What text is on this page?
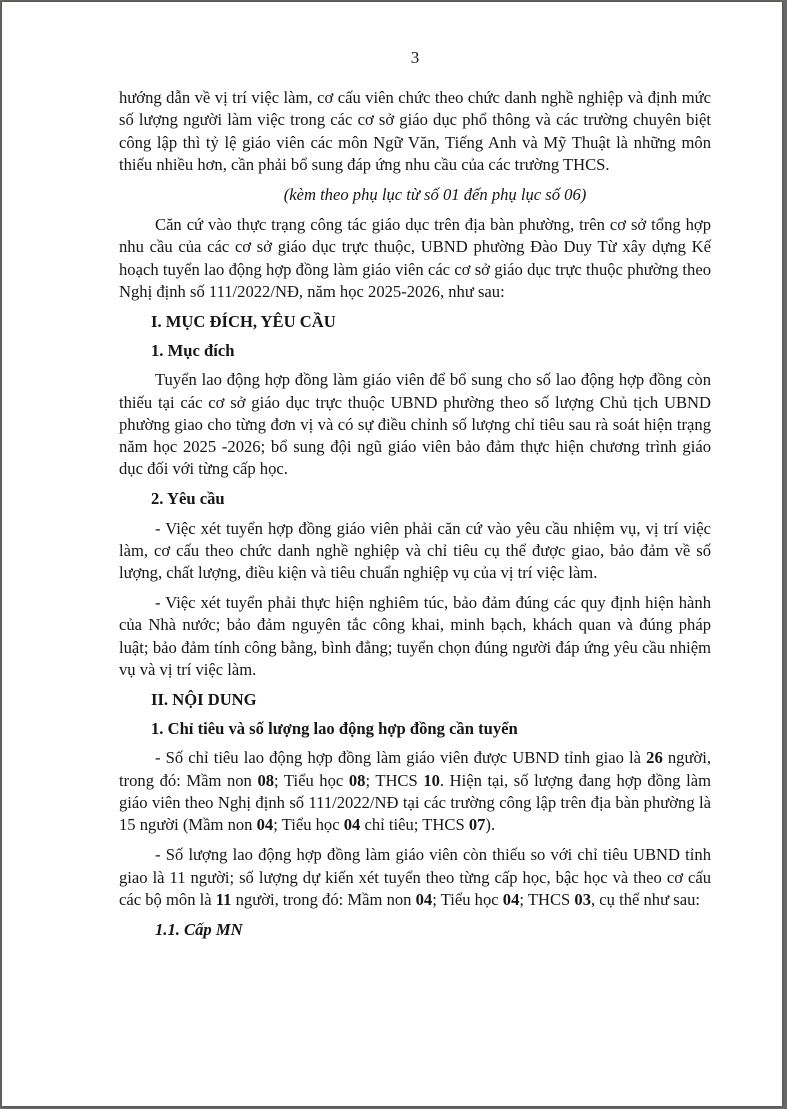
3

hướng dẫn về vị trí việc làm, cơ cấu viên chức theo chức danh nghề nghiệp và định mức số lượng người làm việc trong các cơ sở giáo dục phổ thông và các trường chuyên biệt công lập thì tỷ lệ giáo viên các môn Ngữ Văn, Tiếng Anh và Mỹ Thuật là những môn thiếu nhiều hơn, cần phải bổ sung đáp ứng nhu cầu của các trường THCS.

(kèm theo phụ lục từ số 01 đến phụ lục số 06)

Căn cứ vào thực trạng công tác giáo dục trên địa bàn phường, trên cơ sở tổng hợp nhu cầu của các cơ sở giáo dục trực thuộc, UBND phường Đào Duy Từ xây dựng Kế hoạch tuyển lao động hợp đồng làm giáo viên các cơ sở giáo dục trực thuộc phường theo Nghị định số 111/2022/NĐ, năm học 2025-2026, như sau:

I. MỤC ĐÍCH, YÊU CẦU
1. Mục đích

Tuyển lao động hợp đồng làm giáo viên để bổ sung cho số lao động hợp đồng còn thiếu tại các cơ sở giáo dục trực thuộc UBND phường theo số lượng Chủ tịch UBND phường giao cho từng đơn vị và có sự điều chỉnh số lượng chỉ tiêu sau rà soát hiện trạng năm học 2025 -2026; bổ sung đội ngũ giáo viên bảo đảm thực hiện chương trình giáo dục đối với từng cấp học.

2. Yêu cầu

- Việc xét tuyển hợp đồng giáo viên phải căn cứ vào yêu cầu nhiệm vụ, vị trí việc làm, cơ cấu theo chức danh nghề nghiệp và chỉ tiêu cụ thể được giao, bảo đảm về số lượng, chất lượng, điều kiện và tiêu chuẩn nghiệp vụ của vị trí việc làm.

- Việc xét tuyển phải thực hiện nghiêm túc, bảo đảm đúng các quy định hiện hành của Nhà nước; bảo đảm nguyên tắc công khai, minh bạch, khách quan và đúng pháp luật; bảo đảm tính công bằng, bình đẳng; tuyển chọn đúng người đáp ứng yêu cầu nhiệm vụ và vị trí việc làm.

II. NỘI DUNG
1. Chỉ tiêu và số lượng lao động hợp đồng cần tuyển

- Số chỉ tiêu lao động hợp đồng làm giáo viên được UBND tỉnh giao là 26 người, trong đó: Mầm non 08; Tiểu học 08; THCS 10. Hiện tại, số lượng đang hợp đồng làm giáo viên theo Nghị định số 111/2022/NĐ tại các trường công lập trên địa bàn phường là 15 người (Mầm non 04; Tiểu học 04 chỉ tiêu; THCS 07).

- Số lượng lao động hợp đồng làm giáo viên còn thiếu so với chỉ tiêu UBND tỉnh giao là 11 người; số lượng dự kiến xét tuyển theo từng cấp học, bậc học và theo cơ cấu các bộ môn là 11 người, trong đó: Mầm non 04; Tiểu học 04; THCS 03, cụ thể như sau:

1.1. Cấp MN
